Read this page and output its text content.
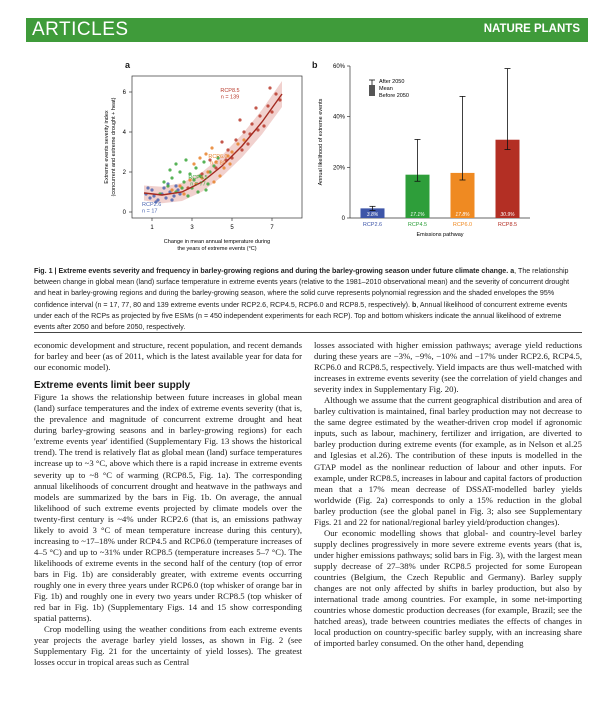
ARTICLES	NATURE PLANTS
a
1	3	5	7
0
2
4
6
Change in mean annual temperature during
the years of extreme events (°C)
Extreme events severity index (concurrent and extreme drought + heat)
RCP2.6
n = 17
RCP4.5
n = 77
RCP6.0
n = 80
RCP8.5
n = 139
b
0
20%
40%
60%
3.8%
RCP2.6
17.1%
RCP4.5
17.8%
RCP6.0
30.9%
RCP8.5
Emissions pathway
Annual likelihood of extreme events
After 2050
Mean
Before 2050
Fig. 1 | Extreme events severity and frequency in barley-growing regions and during the barley-growing season under future climate change. a, The relationship between change in global mean (land) surface temperature in extreme events years (relative to the 1981–2010 observational mean) and the severity of concurrent drought and heat in barley-growing regions and during the barley-growing season, where the solid curve represents polynomial regression and the shaded envelopes the 95% confidence interval (n = 17, 77, 80 and 139 extreme events under RCP2.6, RCP4.5, RCP6.0 and RCP8.5, respectively). b, Annual likelihood of concurrent extreme events under each of the RCPs as projected by five ESMs (n = 450 independent experiments for each RCP). Top and bottom whiskers indicate the annual likelihood of extreme events after 2050 and before 2050, respectively.

economic development and structure, recent population, and recent demands for barley and beer (as of 2011, which is the latest available year for data for our economic model).

Extreme events limit beer supply

Figure 1a shows the relationship between future increases in global mean (land) surface temperatures and the index of extreme events severity (that is, the prevalence and magnitude of concurrent extreme drought and heat during barley-growing seasons and in barley-growing regions) for each 'extreme events year' identified (Supplementary Fig. 13 shows the historical trend). The trend is relatively flat as global mean (land) surface temperatures increase up to ~3 °C, above which there is a rapid increase in extreme events severity up to ~8 °C of warming (RCP8.5, Fig. 1a). The corresponding annual likelihoods of concurrent drought and heatwave in the pathways and models are summarized by the bars in Fig. 1b. On average, the annual likelihood of such extreme events projected by climate models over the twenty-first century is ~4% under RCP2.6 (that is, an emissions pathway likely to avoid 3 °C of mean temperature increase during this century), increasing to ~17–18% under RCP4.5 and RCP6.0 (temperature increases of 4–5 °C) and up to ~31% under RCP8.5 (temperature increases 5–7 °C). The likelihoods of extreme events in the second half of the century (top of error bars in Fig. 1b) are considerably greater, with extreme events occurring roughly one in every three years under RCP6.0 (top whisker of orange bar in Fig. 1b) and roughly one in every two years under RCP8.5 (top whisker of red bar in Fig. 1b) (Supplementary Figs. 14 and 15 show corresponding spatial patterns).

Crop modelling using the weather conditions from each extreme events year projects the average barley yield losses, as shown in Fig. 2 (see Supplementary Fig. 21 for the uncertainty of yield losses). The greatest losses occur in tropical areas such as Central

losses associated with higher emission pathways; average yield reductions during these years are −3%, −9%, −10% and −17% under RCP2.6, RCP4.5, RCP6.0 and RCP8.5, respectively. Yield impacts are thus well-matched with increases in extreme events severity (see the correlation of yield changes and severity index in Supplementary Fig. 20).

Although we assume that the current geographical distribution and area of barley cultivation is maintained, final barley production may not decrease to the same degree estimated by the weather-driven crop model if agronomic inputs, such as labour, machinery, fertilizer and irrigation, are diverted to barley production during extreme events (for example, as in Nelson et al.25 and Iglesias et al.26). The contribution of these inputs is modelled in the GTAP model as the nonlinear reduction of labour and other inputs. For example, under RCP8.5, increases in labour and capital factors of production mean that a 17% mean decrease of DSSAT-modelled barley yields worldwide (Fig. 2a) corresponds to only a 15% reduction in the global barley production (see the global panel in Fig. 3; also see Supplementary Figs. 21 and 22 for national/regional barley yield/production changes).

Our economic modelling shows that global- and country-level barley supply declines progressively in more severe extreme events years (that is, under higher emissions pathways; solid bars in Fig. 3), with the largest mean supply decrease of 27–38% under RCP8.5 projected for some European countries (Belgium, the Czech Republic and Germany). Barley supply changes are not only affected by shifts in barley production, but also by international trade among countries. For example, in some net-importing countries whose domestic production decreases (for example, Brazil; see the hatched areas), trade between countries mediates the effects of changes in local production on country-specific barley supply, with an increasing share of imported barley consumed. On the other hand, depending
